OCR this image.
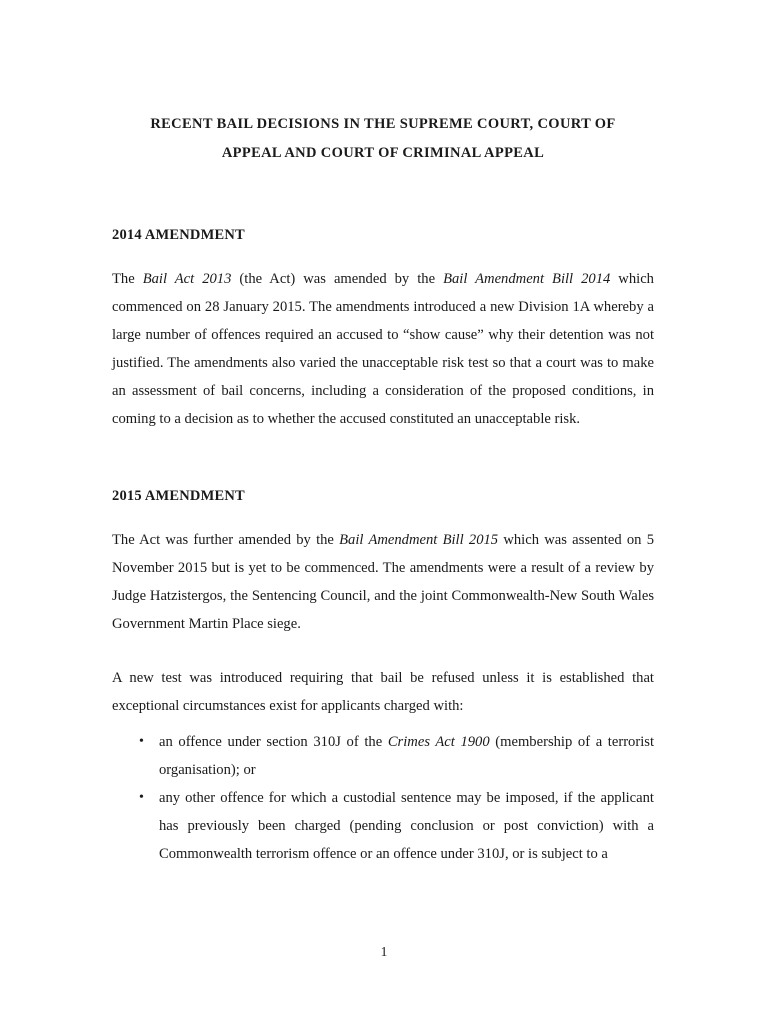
RECENT BAIL DECISIONS IN THE SUPREME COURT, COURT OF
APPEAL AND COURT OF CRIMINAL APPEAL
2014 AMENDMENT

The Bail Act 2013 (the Act) was amended by the Bail Amendment Bill 2014 which commenced on 28 January 2015. The amendments introduced a new Division 1A whereby a large number of offences required an accused to “show cause” why their detention was not justified. The amendments also varied the unacceptable risk test so that a court was to make an assessment of bail concerns, including a consideration of the proposed conditions, in coming to a decision as to whether the accused constituted an unacceptable risk.

2015 AMENDMENT

The Act was further amended by the Bail Amendment Bill 2015 which was assented on 5 November 2015 but is yet to be commenced. The amendments were a result of a review by Judge Hatzistergos, the Sentencing Council, and the joint Commonwealth-New South Wales Government Martin Place siege.

A new test was introduced requiring that bail be refused unless it is established that exceptional circumstances exist for applicants charged with:

• an offence under section 310J of the Crimes Act 1900 (membership of a terrorist organisation); or
• any other offence for which a custodial sentence may be imposed, if the applicant has previously been charged (pending conclusion or post conviction) with a Commonwealth terrorism offence or an offence under 310J, or is subject to a
1
